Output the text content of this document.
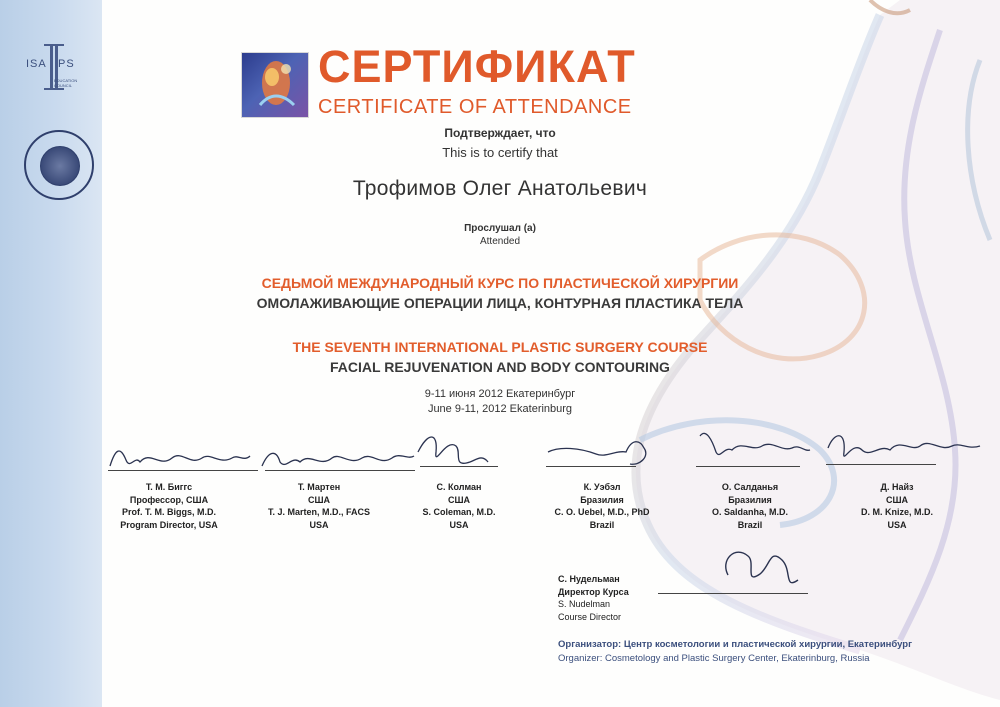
ISA PS
EDUCATION COUNCIL	СЕРТИФИКАТ
CERTIFICATE OF ATTENDANCE
Подтверждает, что
This is to certify that
Трофимов Олег Анатольевич
Прослушал (а)
Attended
СЕДЬМОЙ МЕЖДУНАРОДНЫЙ КУРС ПО ПЛАСТИЧЕСКОЙ ХИРУРГИИ
ОМОЛАЖИВАЮЩИЕ ОПЕРАЦИИ ЛИЦА, КОНТУРНАЯ ПЛАСТИКА ТЕЛА
THE SEVENTH INTERNATIONAL PLASTIC SURGERY COURSE
FACIAL REJUVENATION AND BODY CONTOURING
9-11 июня 2012 Екатеринбург
June 9-11, 2012 Ekaterinburg
Т. М. Биггс
Профессор, США
Prof. T. M. Biggs, M.D.
Program Director, USA
Т. Мартен
США
T. J. Marten, M.D., FACS
USA
С. Колман
США
S. Coleman, M.D.
USA
К. Уэбэл
Бразилия
C. O. Uebel, M.D., PhD
Brazil
О. Салданья
Бразилия
O. Saldanha, M.D.
Brazil
Д. Найз
США
D. M. Knize, M.D.
USA
С. Нудельман
Директор Курса
S. Nudelman
Course Director
Организатор: Центр косметологии и пластической хирургии, Екатеринбург
Organizer: Cosmetology and Plastic Surgery Center, Ekaterinburg, Russia
